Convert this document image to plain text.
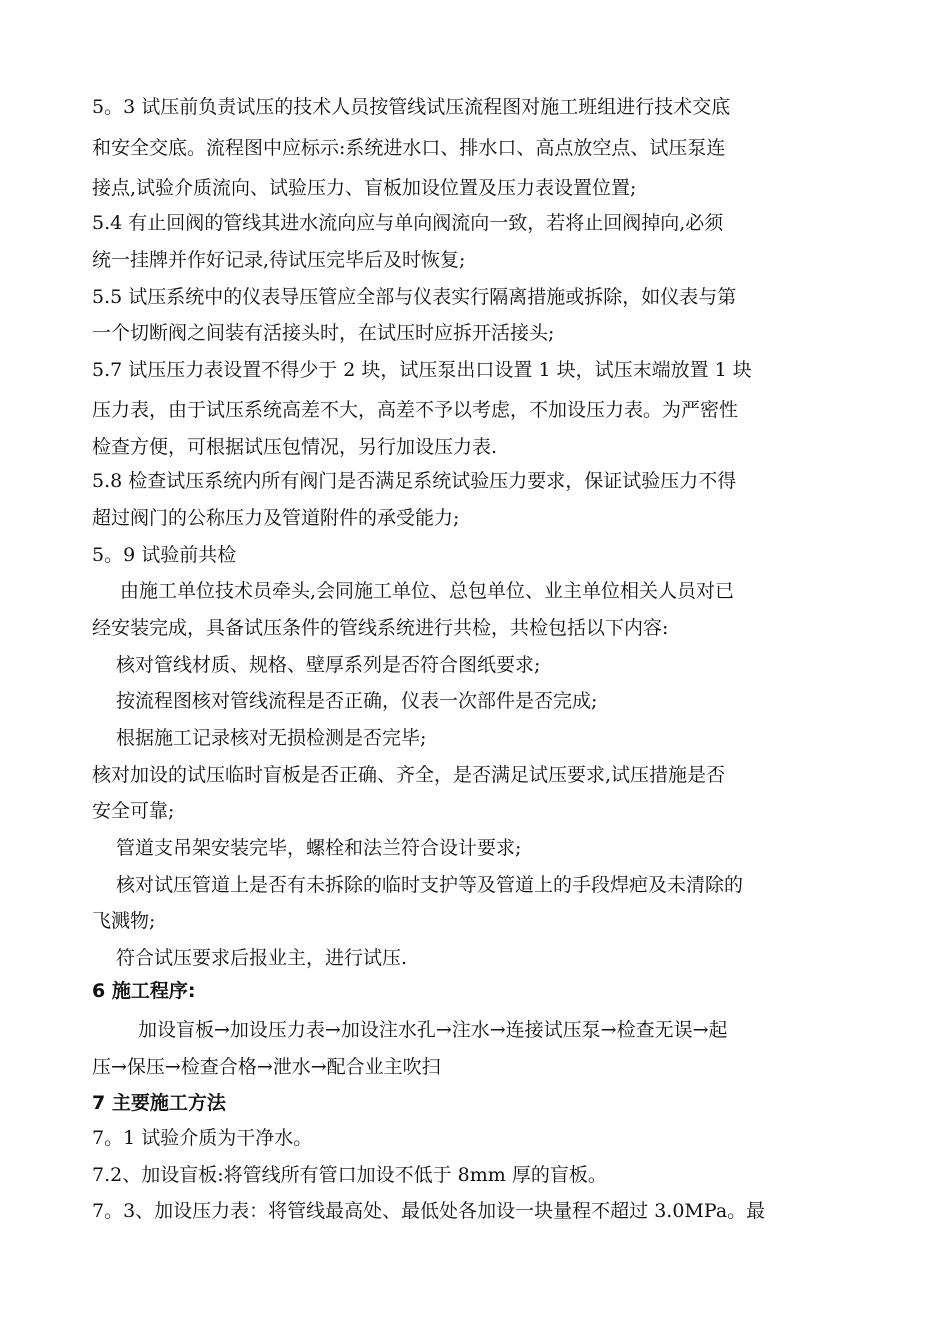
5。3 试压前负责试压的技术人员按管线试压流程图对施工班组进行技术交底

和安全交底。流程图中应标示:系统进水口、排水口、高点放空点、试压泵连

接点,试验介质流向、试验压力、盲板加设位置及压力表设置位置;

5.4 有止回阀的管线其进水流向应与单向阀流向一致，若将止回阀掉向,必须

统一挂牌并作好记录,待试压完毕后及时恢复;

5.5 试压系统中的仪表导压管应全部与仪表实行隔离措施或拆除，如仪表与第

一个切断阀之间装有活接头时，在试压时应拆开活接头;

5.7 试压压力表设置不得少于 2 块，试压泵出口设置 1 块，试压末端放置 1 块

压力表，由于试压系统高差不大，高差不予以考虑，不加设压力表。为严密性

检查方便，可根据试压包情况，另行加设压力表.

5.8 检查试压系统内所有阀门是否满足系统试验压力要求，保证试验压力不得

超过阀门的公称压力及管道附件的承受能力;

5。9 试验前共检

由施工单位技术员牵头,会同施工单位、总包单位、业主单位相关人员对已

经安装完成，具备试压条件的管线系统进行共检，共检包括以下内容:

核对管线材质、规格、壁厚系列是否符合图纸要求;

按流程图核对管线流程是否正确，仪表一次部件是否完成;

根据施工记录核对无损检测是否完毕;

核对加设的试压临时盲板是否正确、齐全，是否满足试压要求,试压措施是否

安全可靠;

管道支吊架安装完毕，螺栓和法兰符合设计要求;

核对试压管道上是否有未拆除的临时支护等及管道上的手段焊疤及未清除的

飞溅物;

符合试压要求后报业主，进行试压.

6 施工程序:

加设盲板→加设压力表→加设注水孔→注水→连接试压泵→检查无误→起

压→保压→检查合格→泄水→配合业主吹扫

7 主要施工方法

7。1 试验介质为干净水。

7.2、加设盲板:将管线所有管口加设不低于 8mm 厚的盲板。

7。3、加设压力表：将管线最高处、最低处各加设一块量程不超过 3.0MPa。最
